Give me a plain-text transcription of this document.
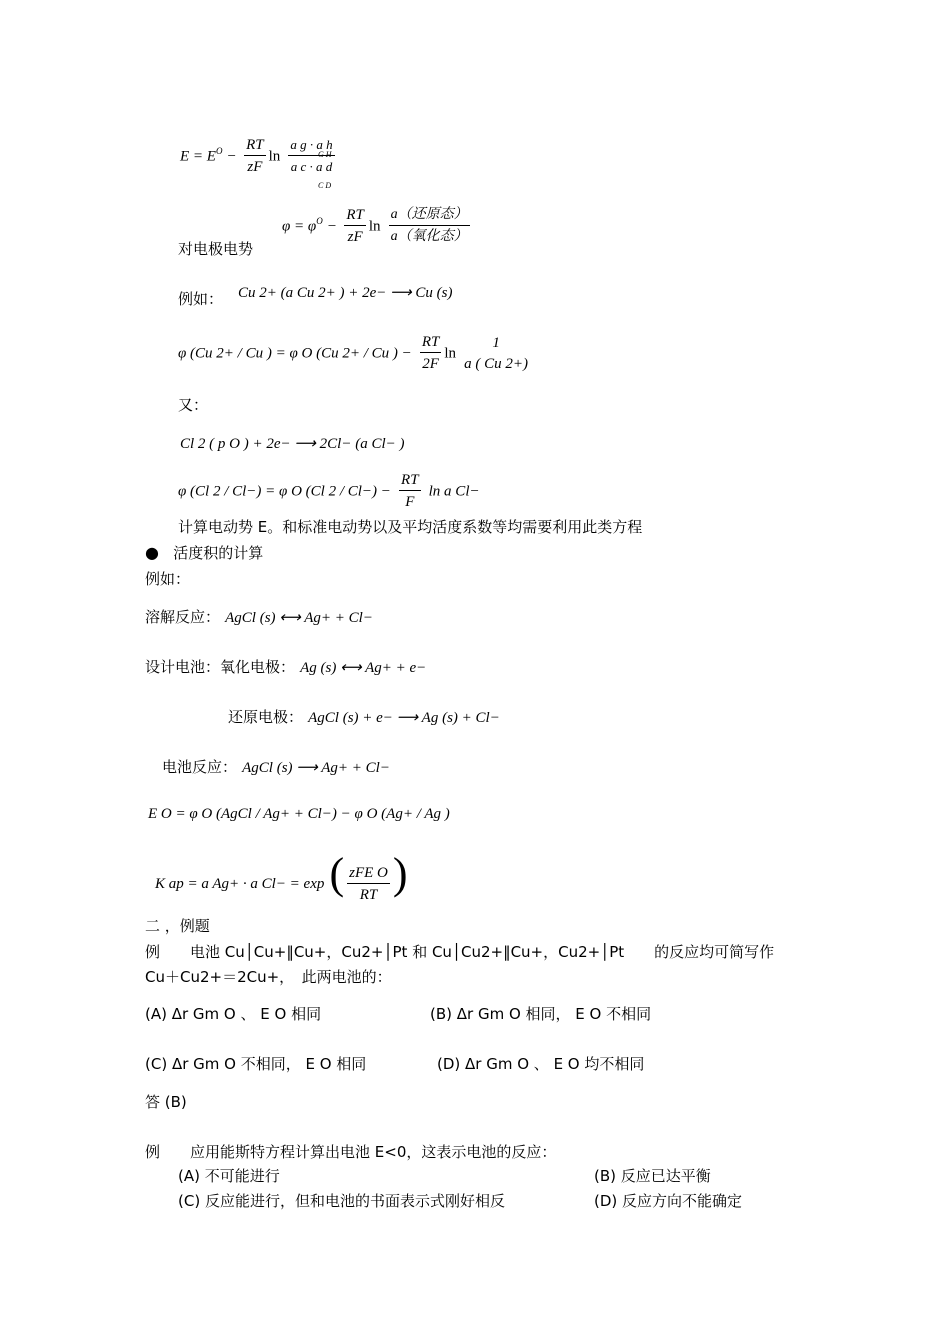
$E = E^O - \frac{RT}{zF}$ $\ln \frac{\text{a g · a h}}{\text{a c · a d}}$
G H
C D
对电极电势
$\varphi = \varphi^O - \frac{RT}{zF}$ $\ln \frac{\text{a（还原态）}}{\text{a（氧化态）}}$
例如： Cu 2+ (a Cu 2+ ) + 2e− ⟶ Cu (s)
φ (Cu 2+ / Cu ) = φ O (Cu 2+ / Cu ) − $\frac{RT}{2F}$ ln
1
a ( Cu 2+)
又：
Cl 2 ( p O ) + 2e− ⟶ 2Cl− (a Cl− )
φ (Cl 2 / Cl−) = φ O (Cl $2 / Cl-) - \frac{RT}{F}$ ln a Cl−
计算电动势 E。和标准电动势以及平均活度系数等均需要利用此类方程
● 活度积的计算
例如：
溶解反应： AgCl (s) ⟷ Ag+ + Cl−
设计电池：氧化电极： Ag (s) ⟷ Ag+ + e−
还原电极： AgCl (s) + e− ⟶ Ag (s) + Cl−
电池反应： AgCl (s) ⟶ Ag+ + Cl−
E O = φ O (AgCl / Ag+ + Cl−) − φ O (Ag+ / Ag )
K ap = a Ag+ · a Cl− = exp ( $\frac{\text{zFE O}}{RT}$ )
二 ，例题
例　　电池 Cu│Cu+‖Cu+，Cu2+│Pt 和 Cu│Cu2+‖Cu+，Cu2+│Pt　　的反应均可简写作
Cu＋Cu2+＝2Cu+，　此两电池的：
(A) Δr Gm O 、 E O 相同	(B) Δr Gm O 相同， E O 不相同
(C) Δr Gm O 不相同， E O 相同	(D) Δr Gm O 、 E O 均不相同
答 (B)
例　　应用能斯特方程计算出电池 E<0，这表示电池的反应：
(A) 不可能进行	(B) 反应已达平衡
(C) 反应能进行，但和电池的书面表示式刚好相反	(D) 反应方向不能确定
